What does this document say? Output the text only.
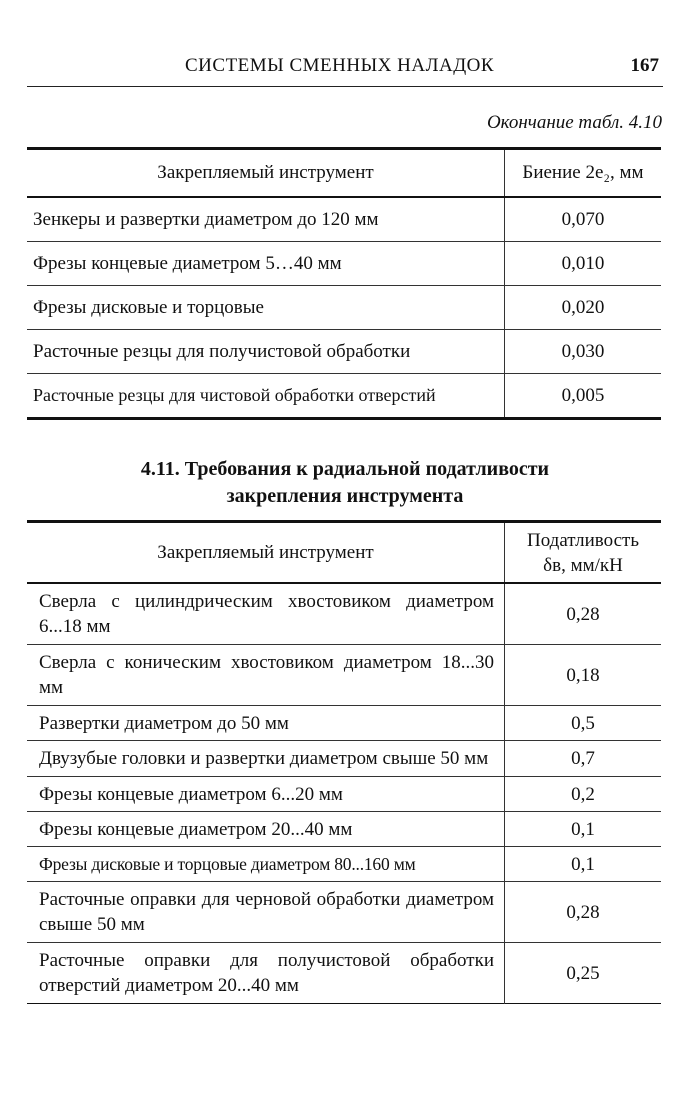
СИСТЕМЫ СМЕННЫХ НАЛАДОК	167
Окончание табл. 4.10
Закрепляемый инструмент	Биение 2e₂, мм
Зенкеры и развертки диаметром до 120 мм	0,070
Фрезы концевые диаметром 5…40 мм	0,010
Фрезы дисковые и торцовые	0,020
Расточные резцы для получистовой обработки	0,030
Расточные резцы для чистовой обработки отверстий	0,005
4.11. Требования к радиальной податливости
закрепления инструмента
Закрепляемый инструмент	Податливость
δв, мм/кН

Сверла с цилиндрическим хвостовиком диаметром 6...18 мм	0,28
Сверла с коническим хвостовиком диаметром 18...30 мм	0,18
Развертки диаметром до 50 мм	0,5
Двузубые головки и развертки диаметром свыше 50 мм	0,7
Фрезы концевые диаметром 6...20 мм	0,2
Фрезы концевые диаметром 20...40 мм	0,1
Фрезы дисковые и торцовые диаметром 80...160 мм	0,1
Расточные оправки для черновой обработки диаметром свыше 50 мм	0,28
Расточные оправки для получистовой обработки отверстий диаметром 20...40 мм	0,25
